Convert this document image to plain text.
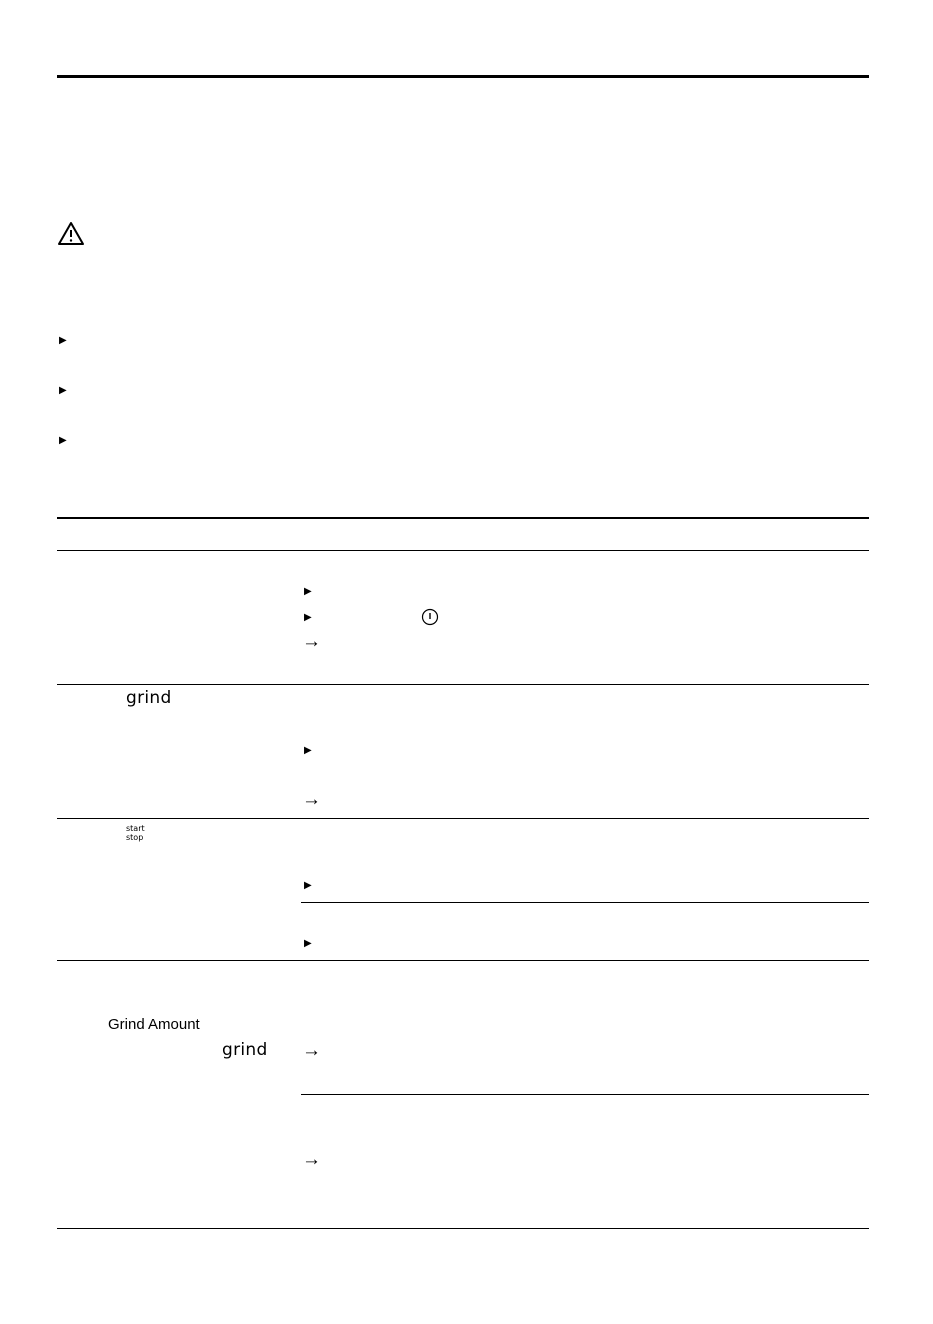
▶
▶
▶
▶
▶
→
grind
▶
→
start
stop
▶
▶
Grind Amount
grind →
→
